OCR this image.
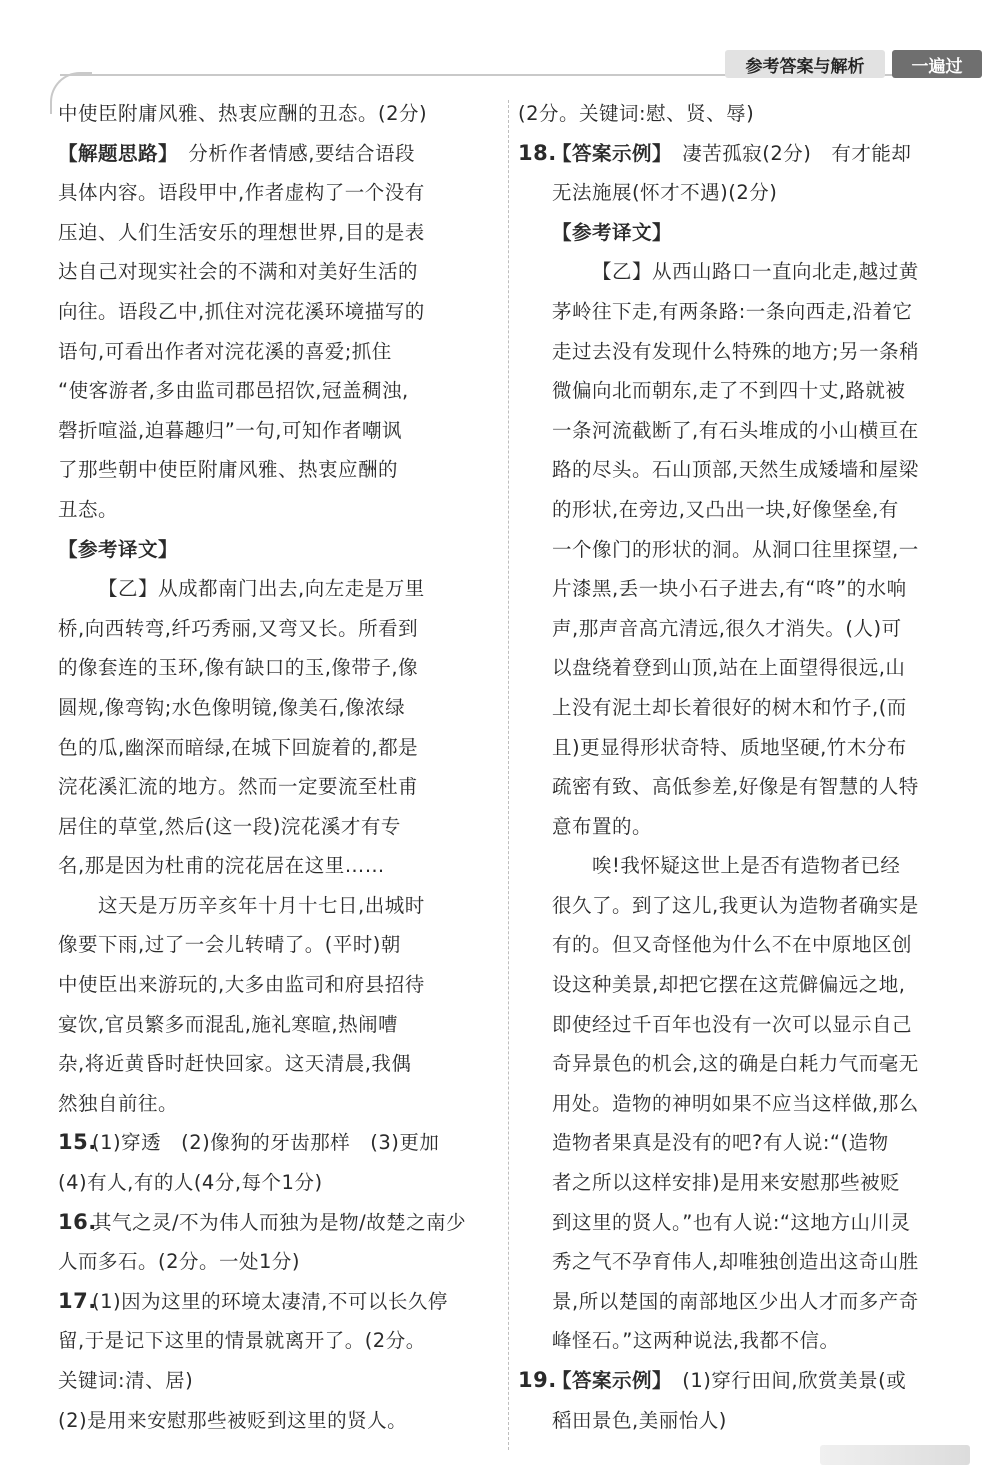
参考答案与解析	一遍过
中使臣附庸风雅、热衷应酬的丑态。(2分)
【解题思路】　分析作者情感,要结合语段
具体内容。语段甲中,作者虚构了一个没有
压迫、人们生活安乐的理想世界,目的是表
达自己对现实社会的不满和对美好生活的
向往。语段乙中,抓住对浣花溪环境描写的
语句,可看出作者对浣花溪的喜爱;抓住
“使客游者,多由监司郡邑招饮,冠盖稠浊,
磬折喧溢,迫暮趣归”一句,可知作者嘲讽
了那些朝中使臣附庸风雅、热衷应酬的
丑态。
【参考译文】
【乙】从成都南门出去,向左走是万里
桥,向西转弯,纤巧秀丽,又弯又长。所看到
的像套连的玉环,像有缺口的玉,像带子,像
圆规,像弯钩;水色像明镜,像美石,像浓绿
色的瓜,幽深而暗绿,在城下回旋着的,都是
浣花溪汇流的地方。然而一定要流至杜甫
居住的草堂,然后(这一段)浣花溪才有专
名,那是因为杜甫的浣花居在这里……
这天是万历辛亥年十月十七日,出城时
像要下雨,过了一会儿转晴了。(平时)朝
中使臣出来游玩的,大多由监司和府县招待
宴饮,官员繁多而混乱,施礼寒暄,热闹嘈
杂,将近黄昏时赶快回家。这天清晨,我偶
然独自前往。
15.(1)穿透　(2)像狗的牙齿那样　(3)更加
(4)有人,有的人(4分,每个1分)
16.其气之灵/不为伟人而独为是物/故楚之南少
人而多石。(2分。一处1分)
17.(1)因为这里的环境太凄清,不可以长久停
留,于是记下这里的情景就离开了。(2分。
关键词:清、居)
(2)是用来安慰那些被贬到这里的贤人。
(2分。关键词:慰、贤、辱)
18.【答案示例】　凄苦孤寂(2分)　有才能却
无法施展(怀才不遇)(2分)
【参考译文】
【乙】从西山路口一直向北走,越过黄
茅岭往下走,有两条路:一条向西走,沿着它
走过去没有发现什么特殊的地方;另一条稍
微偏向北而朝东,走了不到四十丈,路就被
一条河流截断了,有石头堆成的小山横亘在
路的尽头。石山顶部,天然生成矮墙和屋梁
的形状,在旁边,又凸出一块,好像堡垒,有
一个像门的形状的洞。从洞口往里探望,一
片漆黑,丢一块小石子进去,有“咚”的水响
声,那声音高亢清远,很久才消失。(人)可
以盘绕着登到山顶,站在上面望得很远,山
上没有泥土却长着很好的树木和竹子,(而
且)更显得形状奇特、质地坚硬,竹木分布
疏密有致、高低参差,好像是有智慧的人特
意布置的。
唉!我怀疑这世上是否有造物者已经
很久了。到了这儿,我更认为造物者确实是
有的。但又奇怪他为什么不在中原地区创
设这种美景,却把它摆在这荒僻偏远之地,
即使经过千百年也没有一次可以显示自己
奇异景色的机会,这的确是白耗力气而毫无
用处。造物的神明如果不应当这样做,那么
造物者果真是没有的吧?有人说:“(造物
者之所以这样安排)是用来安慰那些被贬
到这里的贤人。”也有人说:“这地方山川灵
秀之气不孕育伟人,却唯独创造出这奇山胜
景,所以楚国的南部地区少出人才而多产奇
峰怪石。”这两种说法,我都不信。
19.【答案示例】　(1)穿行田间,欣赏美景(或
稻田景色,美丽怡人)
